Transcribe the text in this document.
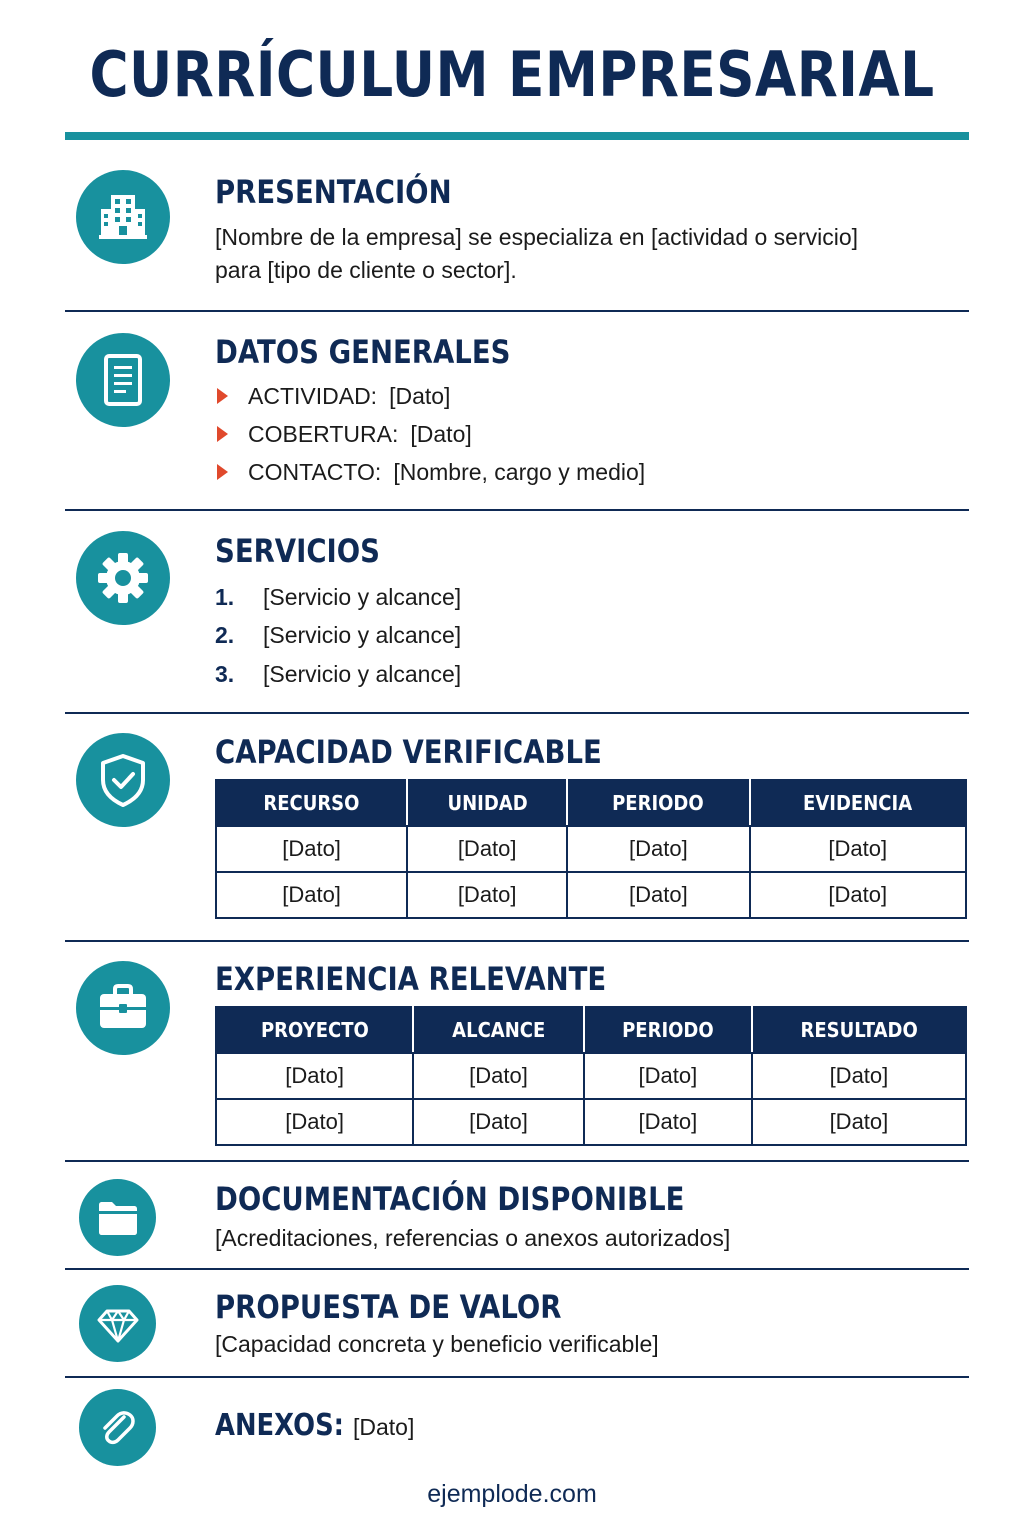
CURRÍCULUM EMPRESARIAL
PRESENTACIÓN
[Nombre de la empresa] se especializa en [actividad o servicio]
para [tipo de cliente o sector].
DATOS GENERALES
ACTIVIDAD: [Dato]
COBERTURA: [Dato]
CONTACTO: [Nombre, cargo y medio]
SERVICIOS
1.	[Servicio y alcance]
2.	[Servicio y alcance]
3.	[Servicio y alcance]
CAPACIDAD VERIFICABLE
RECURSO	UNIDAD	PERIODO	EVIDENCIA
[Dato]	[Dato]	[Dato]	[Dato]
[Dato]	[Dato]	[Dato]	[Dato]
EXPERIENCIA RELEVANTE
PROYECTO	ALCANCE	PERIODO	RESULTADO
[Dato]	[Dato]	[Dato]	[Dato]
[Dato]	[Dato]	[Dato]	[Dato]
DOCUMENTACIÓN DISPONIBLE
[Acreditaciones, referencias o anexos autorizados]
PROPUESTA DE VALOR
[Capacidad concreta y beneficio verificable]
ANEXOS: [Dato]
ejemplode.com
